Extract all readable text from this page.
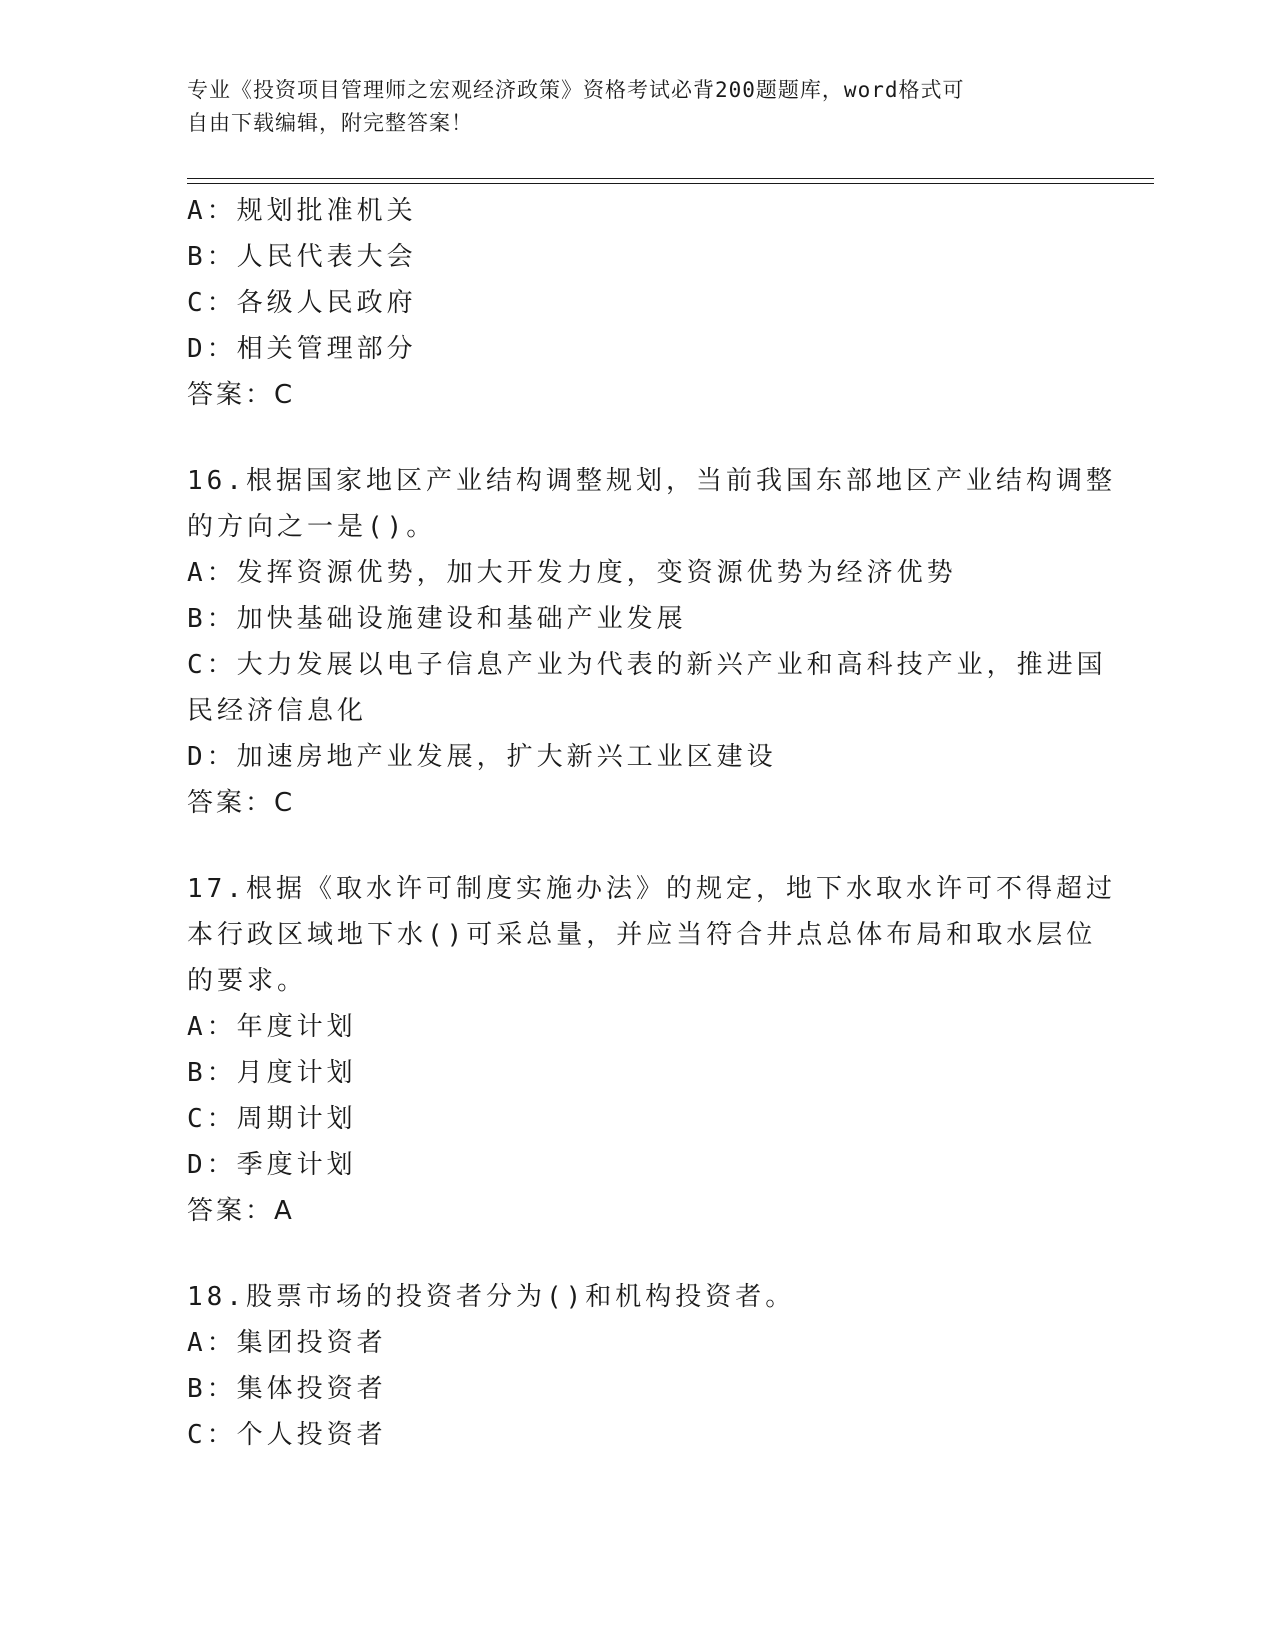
专业《投资项目管理师之宏观经济政策》资格考试必背200题题库，word格式可
自由下载编辑，附完整答案！
A：规划批准机关
B：人民代表大会
C：各级人民政府
D：相关管理部分
答案：C
16.根据国家地区产业结构调整规划，当前我国东部地区产业结构调整
的方向之一是()。
A：发挥资源优势，加大开发力度，变资源优势为经济优势
B：加快基础设施建设和基础产业发展
C：大力发展以电子信息产业为代表的新兴产业和高科技产业，推进国
民经济信息化
D：加速房地产业发展，扩大新兴工业区建设
答案：C
17.根据《取水许可制度实施办法》的规定，地下水取水许可不得超过
本行政区域地下水()可采总量，并应当符合井点总体布局和取水层位
的要求。
A：年度计划
B：月度计划
C：周期计划
D：季度计划
答案：A
18.股票市场的投资者分为()和机构投资者。
A：集团投资者
B：集体投资者
C：个人投资者
